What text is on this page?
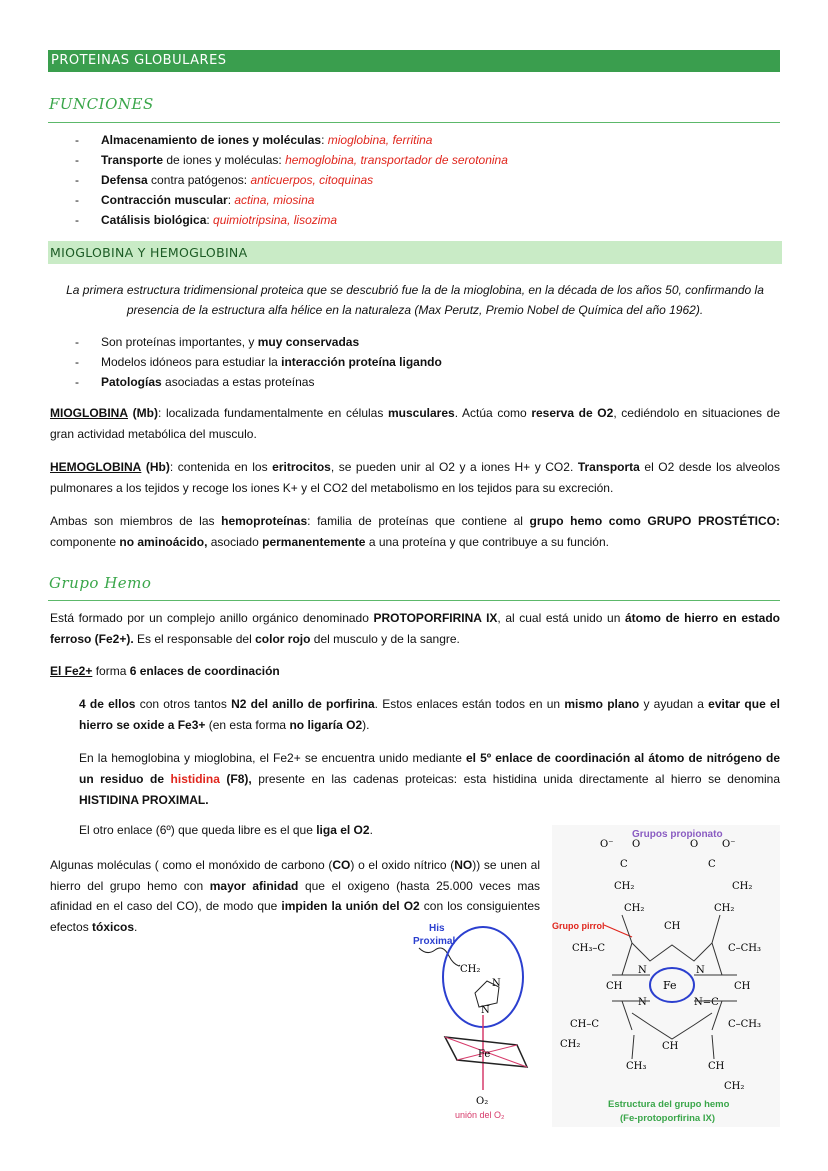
PROTEINAS GLOBULARES
FUNCIONES
- Almacenamiento de iones y moléculas: mioglobina, ferritina
- Transporte de iones y moléculas: hemoglobina, transportador de serotonina
- Defensa contra patógenos: anticuerpos, citoquinas
- Contracción muscular: actina, miosina
- Catálisis biológica: quimiotripsina, lisozima
MIOGLOBINA Y HEMOGLOBINA
La primera estructura tridimensional proteica que se descubrió fue la de la mioglobina, en la década de los años 50, confirmando la presencia de la estructura alfa hélice en la naturaleza (Max Perutz, Premio Nobel de Química del año 1962).
- Son proteínas importantes, y muy conservadas
- Modelos idóneos para estudiar la interacción proteína ligando
- Patologías asociadas a estas proteínas
MIOGLOBINA (Mb): localizada fundamentalmente en células musculares. Actúa como reserva de O2, cediéndolo en situaciones de gran actividad metabólica del musculo.
HEMOGLOBINA (Hb): contenida en los eritrocitos, se pueden unir al O2 y a iones H+ y CO2. Transporta el O2 desde los alveolos pulmonares a los tejidos y recoge los iones K+ y el CO2 del metabolismo en los tejidos para su excreción.
Ambas son miembros de las hemoproteínas: familia de proteínas que contiene al grupo hemo como GRUPO PROSTÉTICO: componente no aminoácido, asociado permanentemente a una proteína y que contribuye a su función.
Grupo Hemo
Está formado por un complejo anillo orgánico denominado PROTOPORFIRINA IX, al cual está unido un átomo de hierro en estado ferroso (Fe2+). Es el responsable del color rojo del musculo y de la sangre.
El Fe2+ forma 6 enlaces de coordinación
4 de ellos con otros tantos N2 del anillo de porfirina. Estos enlaces están todos en un mismo plano y ayudan a evitar que el hierro se oxide a Fe3+ (en esta forma no ligaría O2).
En la hemoglobina y mioglobina, el Fe2+ se encuentra unido mediante el 5º enlace de coordinación al átomo de nitrógeno de un residuo de histidina (F8), presente en las cadenas proteicas: esta histidina unida directamente al hierro se denomina HISTIDINA PROXIMAL.
El otro enlace (6º) que queda libre es el que liga el O2.
Algunas moléculas ( como el monóxido de carbono (CO) o el oxido nítrico (NO)) se unen al hierro del grupo hemo con mayor afinidad que el oxigeno (hasta 25.000 veces mas afinidad en el caso del CO), de modo que impiden la unión del O2 con los consiguientes efectos tóxicos.	His
Proximal
CH₂
N
N
Fe
O₂
unión del O₂
Grupos propionato
O⁻ O
C
CH₂
CH₂
O O⁻
C
CH₂
CH₂
Grupo pirrol	CH
CH₃–C	C–CH₃
N	N
CH	CH
Fe
N	N=C
C–CH₃
CH–C
CH₂	CH
CH₃	CH
CH₂
Estructura del grupo hemo
(Fe-protoporfirina IX)
